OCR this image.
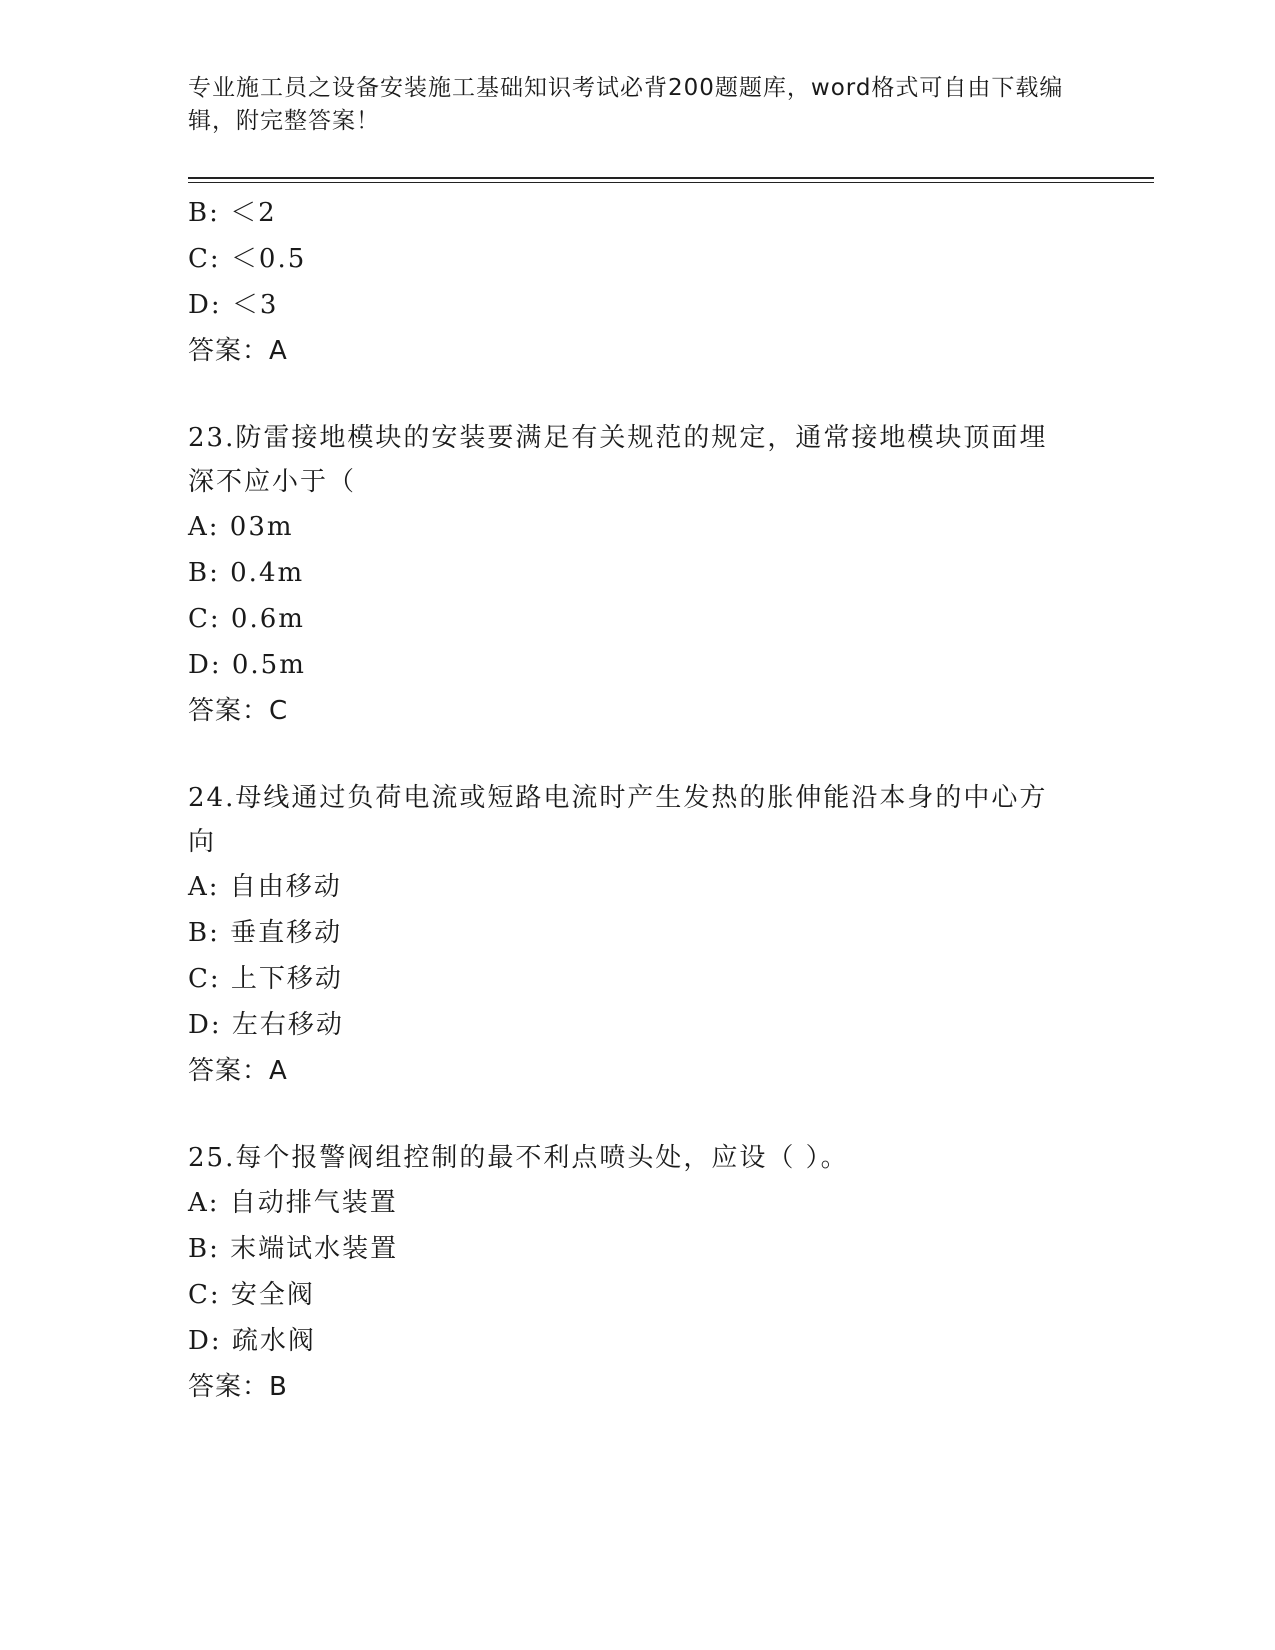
专业施工员之设备安装施工基础知识考试必背200题题库，word格式可自由下载编辑，附完整答案！
B: ＜2
C: ＜0.5
D: ＜3
答案：A
23.防雷接地模块的安装要满足有关规范的规定，通常接地模块顶面埋深不应小于（
A: 03m
B: 0.4m
C: 0.6m
D: 0.5m
答案：C
24.母线通过负荷电流或短路电流时产生发热的胀伸能沿本身的中心方向
A: 自由移动
B: 垂直移动
C: 上下移动
D: 左右移动
答案：A
25.每个报警阀组控制的最不利点喷头处，应设（ ）。
A: 自动排气装置
B: 末端试水装置
C: 安全阀
D: 疏水阀
答案：B
